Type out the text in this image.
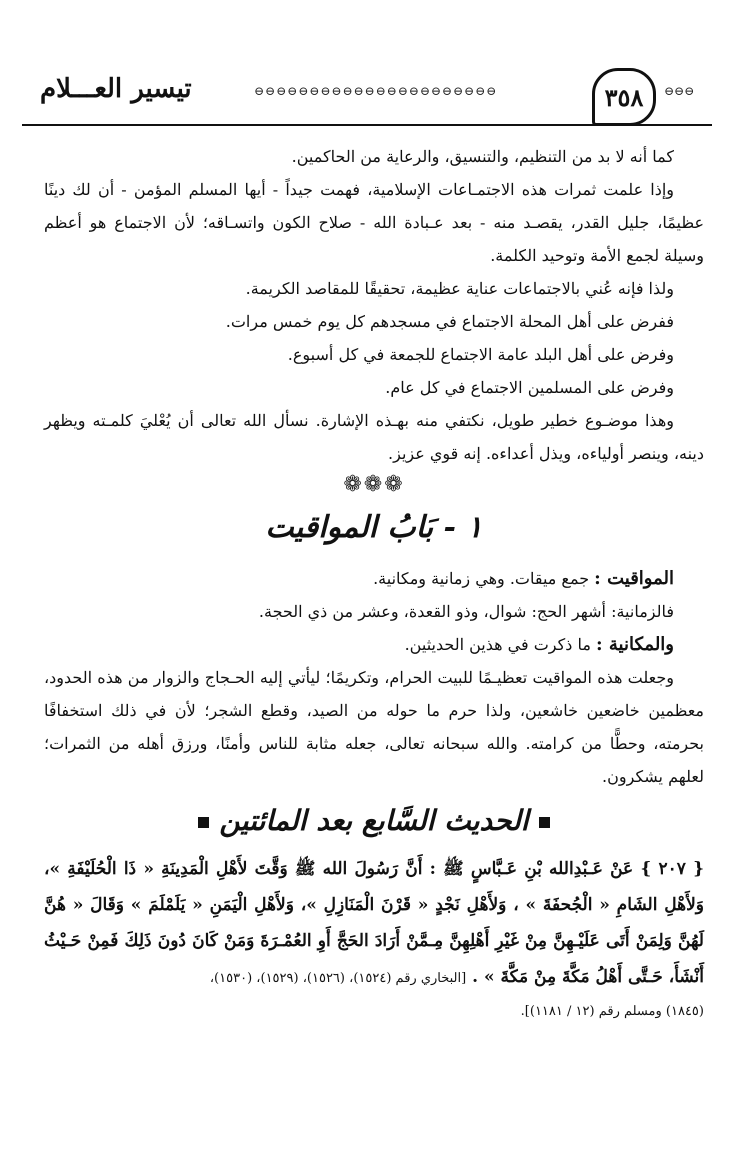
تيسير العـــلام	⊖⊖⊖⊖⊖⊖⊖⊖⊖⊖⊖⊖⊖⊖⊖⊖⊖⊖⊖⊖⊖⊖	٣٥٨	⊖⊖⊖

كما أنه لا بد من التنظيم، والتنسيق، والرعاية من الحاكمين.

وإذا علمت ثمرات هذه الاجتمـاعات الإسلامية، فهمت جيداً - أيها المسلم المؤمن - أن لك دينًا عظيمًا، جليل القدر، يقصـد منه - بعد عـبادة الله - صلاح الكون واتسـاقه؛ لأن الاجتماع هو أعظم وسيلة لجمع الأمة وتوحيد الكلمة.

ولذا فإنه عُني بالاجتماعات عناية عظيمة، تحقيقًا للمقاصد الكريمة.

ففرض على أهل المحلة الاجتماع في مسجدهم كل يوم خمس مرات.

وفرض على أهل البلد عامة الاجتماع للجمعة في كل أسبوع.

وفرض على المسلمين الاجتماع في كل عام.

وهذا موضـوع خطير طويل، نكتفي منه بهـذه الإشارة. نسأل الله تعالى أن يُعْليَ كلمـته ويظهر دينه، وينصر أولياءه، ويذل أعداءه. إنه قوي عزيز.

❁❁❁
١ - بَابُ المواقيت

المواقيت : جمع ميقات. وهي زمانية ومكانية.

فالزمانية: أشهر الحج: شوال، وذو القعدة، وعشر من ذي الحجة.

والمكانية : ما ذكرت في هذين الحديثين.

وجعلت هذه المواقيت تعظيـمًا للبيت الحرام، وتكريمًا؛ ليأتي إليه الحـجاج والزوار من هذه الحدود، معظمين خاضعين خاشعين، ولذا حرم ما حوله من الصيد، وقطع الشجر؛ لأن في ذلك استخفافًا بحرمته، وحطًّا من كرامته. والله سبحانه تعالى، جعله مثابة للناس وأمنًا، ورزق أهله من الثمرات؛ لعلهم يشكرون.

الحديث السَّابع بعد المائتين

{ ٢٠٧ } عَنْ عَـبْدِالله بْنِ عَـبَّاسٍ ﷺ : أَنَّ رَسُولَ الله ﷺ وَقَّتَ لأَهْلِ الْمَدِينَةِ « ذَا الْحُلَيْفَةِ »، وَلأَهْلِ الشَامِ « الْجُحفَةَ » ، وَلأَهْلِ نَجْدٍ « قَرْنَ الْمَنَازِلِ »، وَلأَهْلِ الْيَمَنِ « يَلَمْلَمَ » وَقَالَ « هُنَّ لَهُنَّ وَلِمَنْ أَتَى عَلَيْـهِنَّ مِنْ غَيْرِ أَهْلِهِنَّ مِـمَّنْ أَرَادَ الحَجَّ أَوِ العُمْـرَةَ وَمَنْ كَانَ دُونَ ذَلِكَ فَمِنْ حَـيْثُ أَنْشَأَ، حَـتَّى أَهْلُ مَكَّةَ مِنْ مَكَّةَ » . [البخاري رقم (١٥٢٤)، (١٥٢٦)، (١٥٢٩)، (١٥٣٠)،

(١٨٤٥) ومسلم رقم (١٢ / ١١٨١)].
